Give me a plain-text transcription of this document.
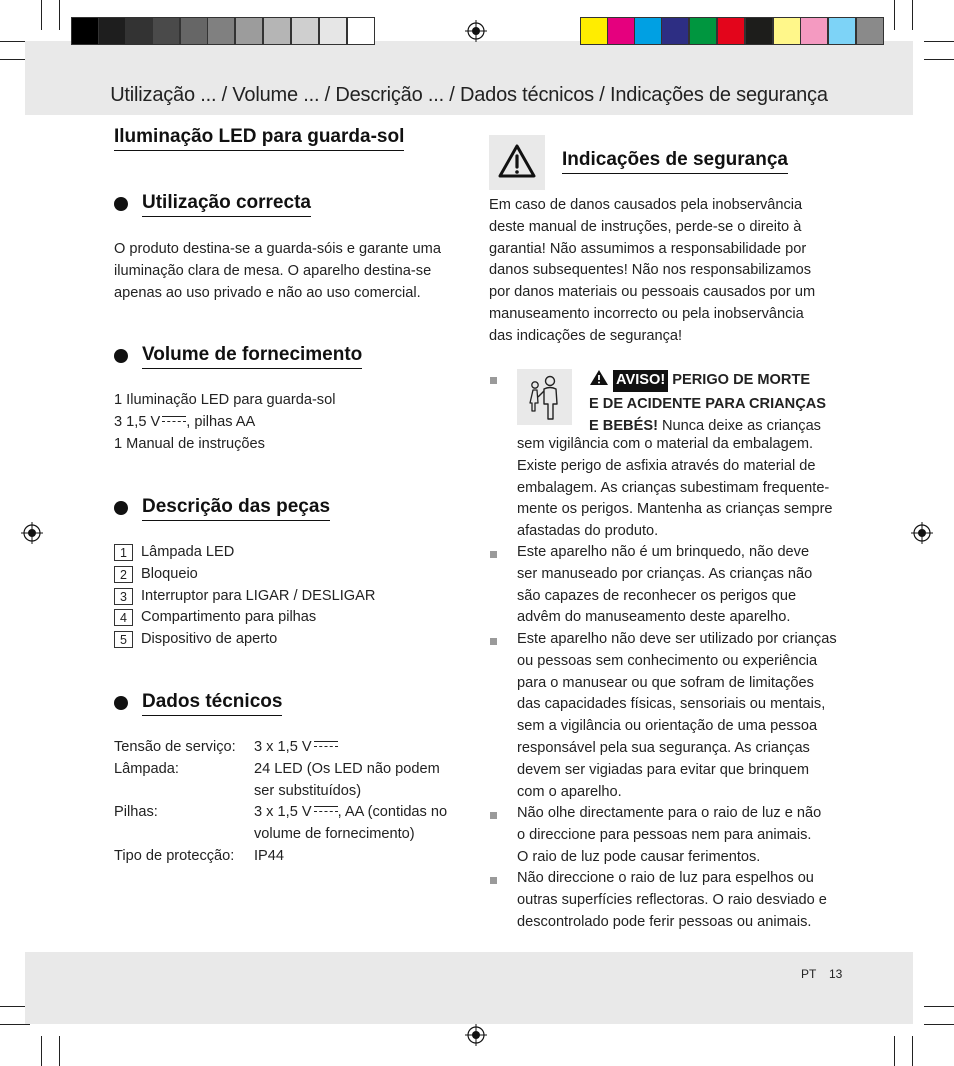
Utilização ... / Volume ... / Descrição ... / Dados técnicos / Indicações de segurança
Iluminação LED para guarda-sol
Utilização correcta
O produto destina-se a guarda-sóis e garante uma
iluminação clara de mesa. O aparelho destina-se
apenas ao uso privado e não ao uso comercial.
Volume de fornecimento
1 Iluminação LED para guarda-sol
3 1,5 V , pilhas AA
1 Manual de instruções
Descrição das peças
1 Lâmpada LED
2 Bloqueio
3 Interruptor para LIGAR / DESLIGAR
4 Compartimento para pilhas
5 Dispositivo de aperto
Dados técnicos
Tensão de serviço:	3 x 1,5 V
Lâmpada:	24 LED (Os LED não podem
ser substituídos)
Pilhas:	3 x 1,5 V , AA (contidas no
volume de fornecimento)
Tipo de protecção:	IP44
Indicações de segurança
Em caso de danos causados pela inobservância
deste manual de instruções, perde-se o direito à
garantia! Não assumimos a responsabilidade por
danos subsequentes! Não nos responsabilizamos
por danos materiais ou pessoais causados por um
manuseamento incorrecto ou pela inobservância
das indicações de segurança!
AVISO! PERIGO DE MORTE
E DE ACIDENTE PARA CRIANÇAS
E BEBÉS! Nunca deixe as crianças
sem vigilância com o material da embalagem.
Existe perigo de asfixia através do material de
embalagem. As crianças subestimam frequente-
mente os perigos. Mantenha as crianças sempre
afastadas do produto.
Este aparelho não é um brinquedo, não deve
ser manuseado por crianças. As crianças não
são capazes de reconhecer os perigos que
advêm do manuseamento deste aparelho.
Este aparelho não deve ser utilizado por crianças
ou pessoas sem conhecimento ou experiência
para o manusear ou que sofram de limitações
das capacidades físicas, sensoriais ou mentais,
sem a vigilância ou orientação de uma pessoa
responsável pela sua segurança. As crianças
devem ser vigiadas para evitar que brinquem
com o aparelho.
Não olhe directamente para o raio de luz e não
o direccione para pessoas nem para animais.
O raio de luz pode causar ferimentos.
Não direccione o raio de luz para espelhos ou
outras superfícies reflectoras. O raio desviado e
descontrolado pode ferir pessoas ou animais.
PT 13
